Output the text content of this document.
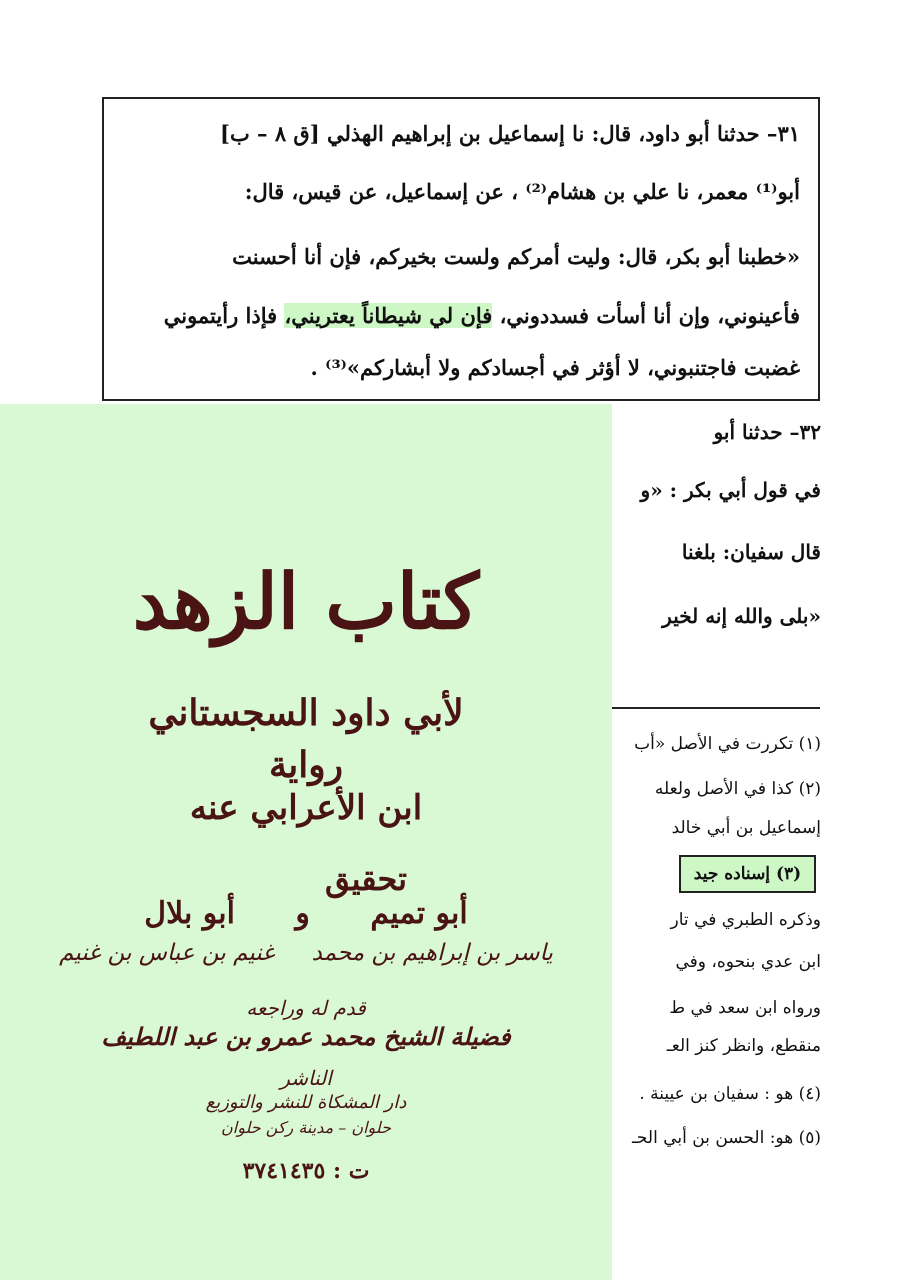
٣١– حدثنا أبو داود، قال: نا إسماعيل بن إبراهيم الهذلي [ق ٨ – ب]
أبو⁽¹⁾ معمر، نا علي بن هشام⁽²⁾ ، عن إسماعيل، عن قيس، قال:
«خطبنا أبو بكر، قال: وليت أمركم ولست بخيركم، فإن أنا أحسنت
فأعينوني، وإن أنا أسأت فسددوني، فإن لي شيطاناً يعتريني، فإذا رأيتموني
غضبت فاجتنبوني، لا أؤثر في أجسادكم ولا أبشاركم»⁽³⁾ .
٣٢– حدثنا أبو
في قول أبي بكر : «و
قال سفيان: بلغنا
«بلى والله إنه لخير
(١) تكررت في الأصل «أب
(٢) كذا في الأصل ولعله
إسماعيل بن أبي خالد
وذكره الطبري في تار
ابن عدي بنحوه، وفي
ورواه ابن سعد في ط
منقطع، وانظر كنز العـ
(٤) هو : سفيان بن عيينة .
(٥) هو: الحسن بن أبي الحـ
(٣) إسناده جيد
كتاب الزهد
لأبي داود السجستاني
رواية
ابن الأعرابي عنه
تحقيق
أبو تميم و أبو بلال
ياسر بن إبراهيم بن محمد غنيم بن عباس بن غنيم
قدم له وراجعه
فضيلة الشيخ محمد عمرو بن عبد اللطيف
الناشر
دار المشكاة للنشر والتوزيع
حلوان – مدينة ركن حلوان
ت : ٣٧٤١٤٣٥
